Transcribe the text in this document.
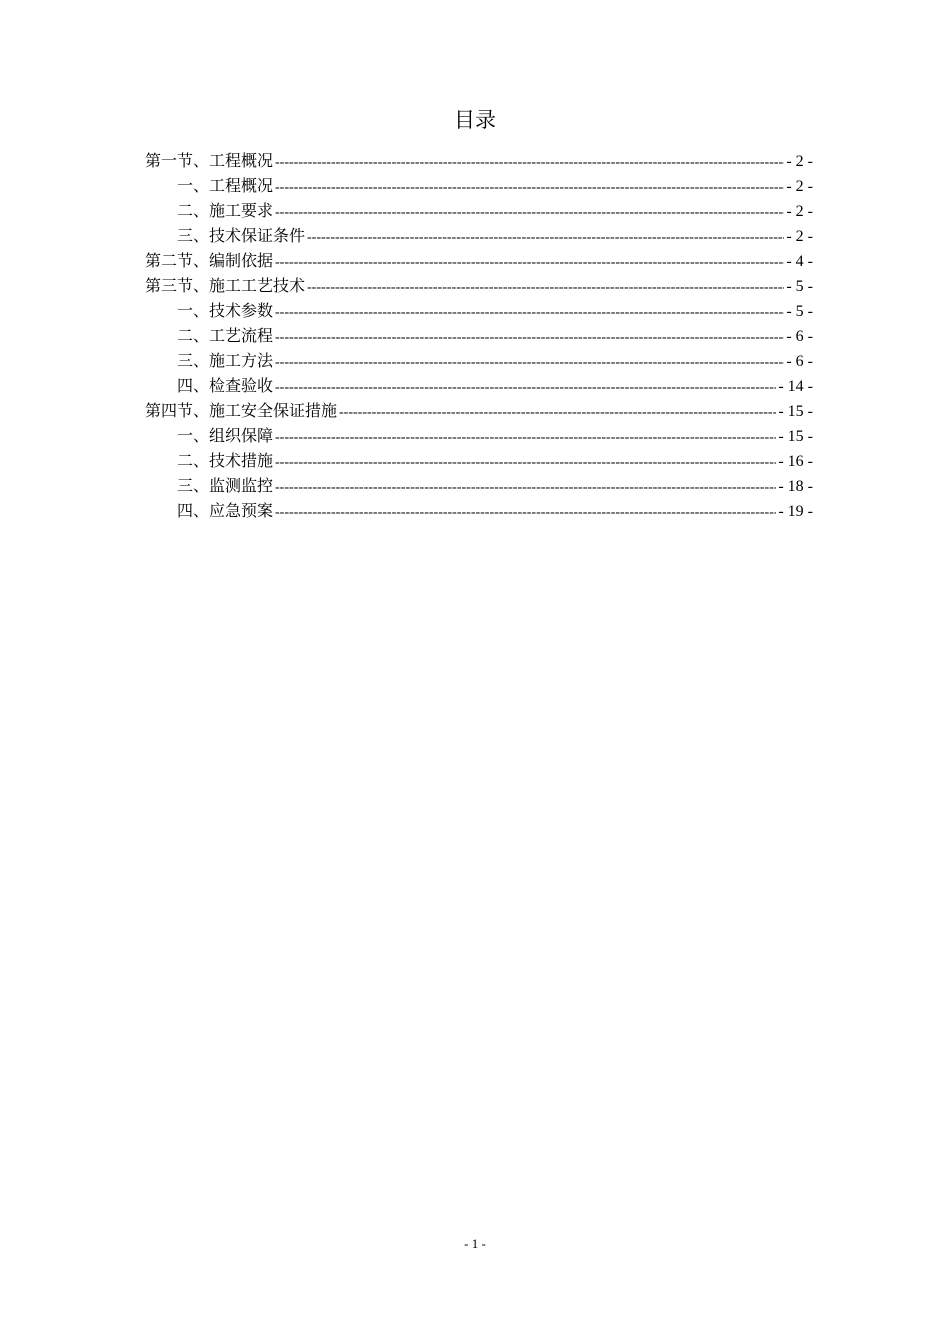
目录
第一节、工程概况 -----	- 2 -
一、工程概况 -----	- 2 -
二、施工要求 -----	- 2 -
三、技术保证条件 -----	- 2 -
第二节、编制依据 -----	- 4 -
第三节、施工工艺技术 -----	- 5 -
一、技术参数 -----	- 5 -
二、工艺流程 -----	- 6 -
三、施工方法 -----	- 6 -
四、检查验收 -----	- 14 -
第四节、施工安全保证措施 -----	- 15 -
一、组织保障 -----	- 15 -
二、技术措施 -----	- 16 -
三、监测监控 -----	- 18 -
四、应急预案 -----	- 19 -
- 1 -
